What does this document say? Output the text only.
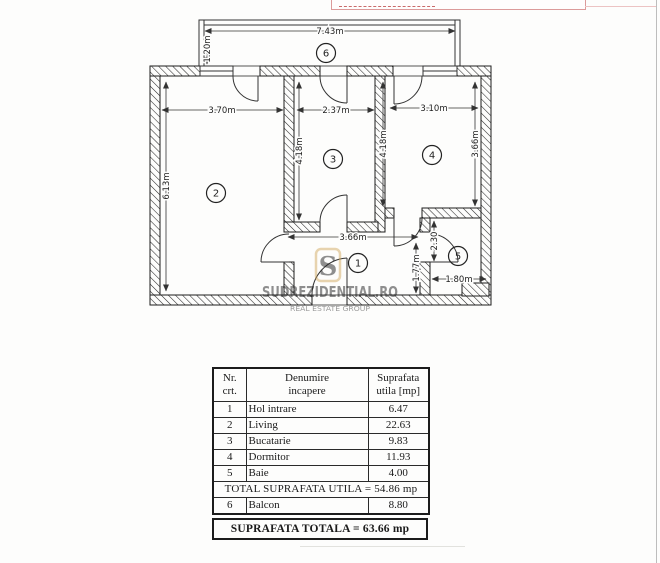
7.43m
1.20m
3.70m	2.37m	3.10m
6.13m
4.18m	4.18m	3.66m
3.66m
1.80m
1.77m
2.30
1
2
3	4
5
6
S
SUDREZIDENTIAL.RO
REAL ESTATE GROUP
Nr.
crt.

Denumire
incapere

Suprafata
utila [mp]

1	Hol intrare	6.47
2	Living	22.63
3	Bucatarie	9.83
4	Dormitor	11.93
5	Baie	4.00
TOTAL SUPRAFATA UTILA = 54.86 mp		
6	Balcon	8.80
SUPRAFATA TOTALA = 63.66 mp
